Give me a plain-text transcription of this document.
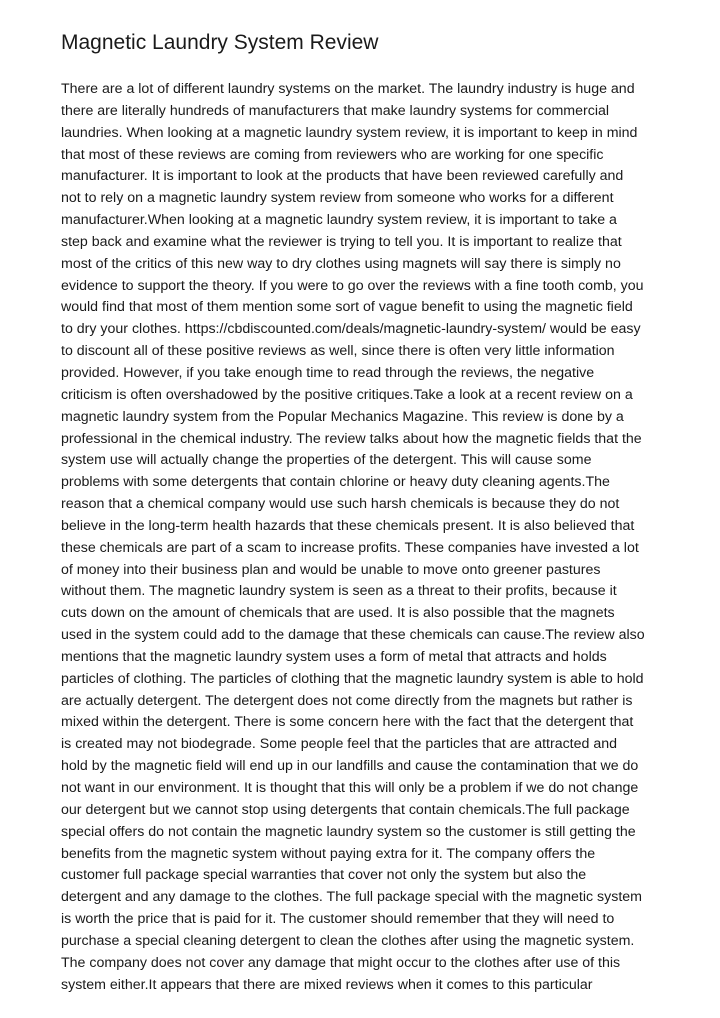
Magnetic Laundry System Review
There are a lot of different laundry systems on the market. The laundry industry is huge and
there are literally hundreds of manufacturers that make laundry systems for commercial
laundries. When looking at a magnetic laundry system review, it is important to keep in mind
that most of these reviews are coming from reviewers who are working for one specific
manufacturer. It is important to look at the products that have been reviewed carefully and
not to rely on a magnetic laundry system review from someone who works for a different
manufacturer.When looking at a magnetic laundry system review, it is important to take a
step back and examine what the reviewer is trying to tell you. It is important to realize that
most of the critics of this new way to dry clothes using magnets will say there is simply no
evidence to support the theory. If you were to go over the reviews with a fine tooth comb, you
would find that most of them mention some sort of vague benefit to using the magnetic field
to dry your clothes. https://cbdiscounted.com/deals/magnetic-laundry-system/ would be easy
to discount all of these positive reviews as well, since there is often very little information
provided. However, if you take enough time to read through the reviews, the negative
criticism is often overshadowed by the positive critiques.Take a look at a recent review on a
magnetic laundry system from the Popular Mechanics Magazine. This review is done by a
professional in the chemical industry. The review talks about how the magnetic fields that the
system use will actually change the properties of the detergent. This will cause some
problems with some detergents that contain chlorine or heavy duty cleaning agents.The
reason that a chemical company would use such harsh chemicals is because they do not
believe in the long-term health hazards that these chemicals present. It is also believed that
these chemicals are part of a scam to increase profits. These companies have invested a lot
of money into their business plan and would be unable to move onto greener pastures
without them. The magnetic laundry system is seen as a threat to their profits, because it
cuts down on the amount of chemicals that are used. It is also possible that the magnets
used in the system could add to the damage that these chemicals can cause.The review also
mentions that the magnetic laundry system uses a form of metal that attracts and holds
particles of clothing. The particles of clothing that the magnetic laundry system is able to hold
are actually detergent. The detergent does not come directly from the magnets but rather is
mixed within the detergent. There is some concern here with the fact that the detergent that
is created may not biodegrade. Some people feel that the particles that are attracted and
hold by the magnetic field will end up in our landfills and cause the contamination that we do
not want in our environment. It is thought that this will only be a problem if we do not change
our detergent but we cannot stop using detergents that contain chemicals.The full package
special offers do not contain the magnetic laundry system so the customer is still getting the
benefits from the magnetic system without paying extra for it. The company offers the
customer full package special warranties that cover not only the system but also the
detergent and any damage to the clothes. The full package special with the magnetic system
is worth the price that is paid for it. The customer should remember that they will need to
purchase a special cleaning detergent to clean the clothes after using the magnetic system.
The company does not cover any damage that might occur to the clothes after use of this
system either.It appears that there are mixed reviews when it comes to this particular
